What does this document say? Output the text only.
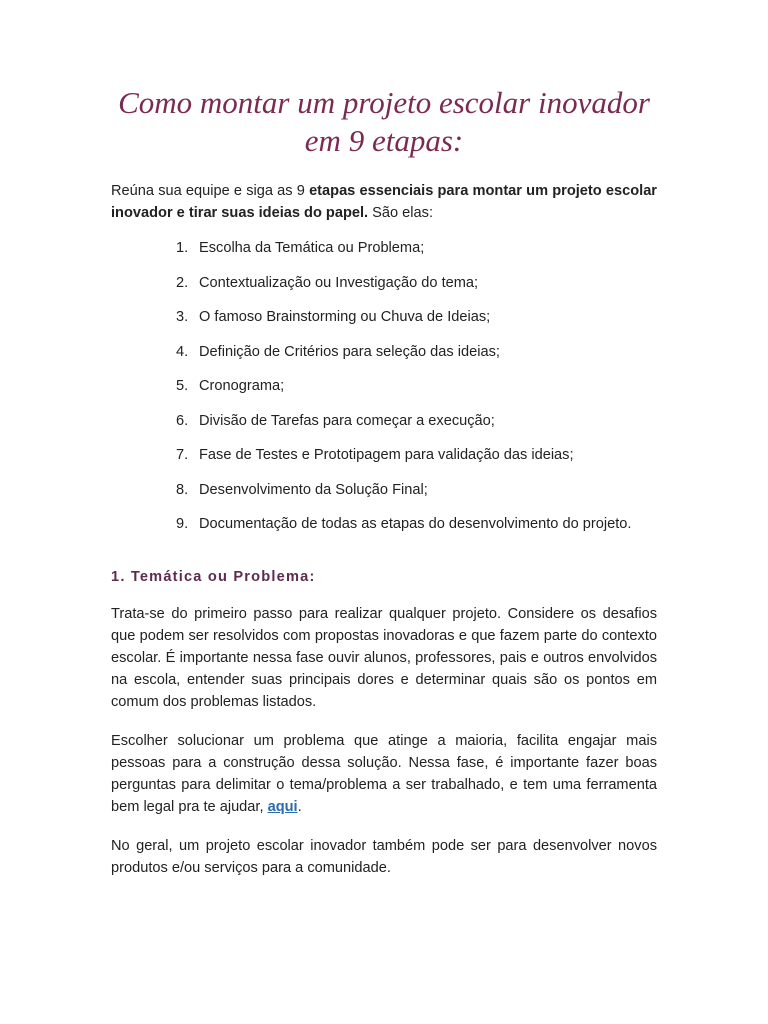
Como montar um projeto escolar inovador
em 9 etapas:

Reúna sua equipe e siga as 9 etapas essenciais para montar um projeto escolar inovador e tirar suas ideias do papel. São elas:

1. Escolha da Temática ou Problema;
2. Contextualização ou Investigação do tema;
3. O famoso Brainstorming ou Chuva de Ideias;
4. Definição de Critérios para seleção das ideias;
5. Cronograma;
6. Divisão de Tarefas para começar a execução;
7. Fase de Testes e Prototipagem para validação das ideias;
8. Desenvolvimento da Solução Final;
9. Documentação de todas as etapas do desenvolvimento do projeto.
1. Temática ou Problema:

Trata-se do primeiro passo para realizar qualquer projeto. Considere os desafios que podem ser resolvidos com propostas inovadoras e que fazem parte do contexto escolar. É importante nessa fase ouvir alunos, professores, pais e outros envolvidos na escola, entender suas principais dores e determinar quais são os pontos em comum dos problemas listados.

Escolher solucionar um problema que atinge a maioria, facilita engajar mais pessoas para a construção dessa solução. Nessa fase, é importante fazer boas perguntas para delimitar o tema/problema a ser trabalhado, e tem uma ferramenta bem legal pra te ajudar, aqui.

No geral, um projeto escolar inovador também pode ser para desenvolver novos produtos e/ou serviços para a comunidade.
